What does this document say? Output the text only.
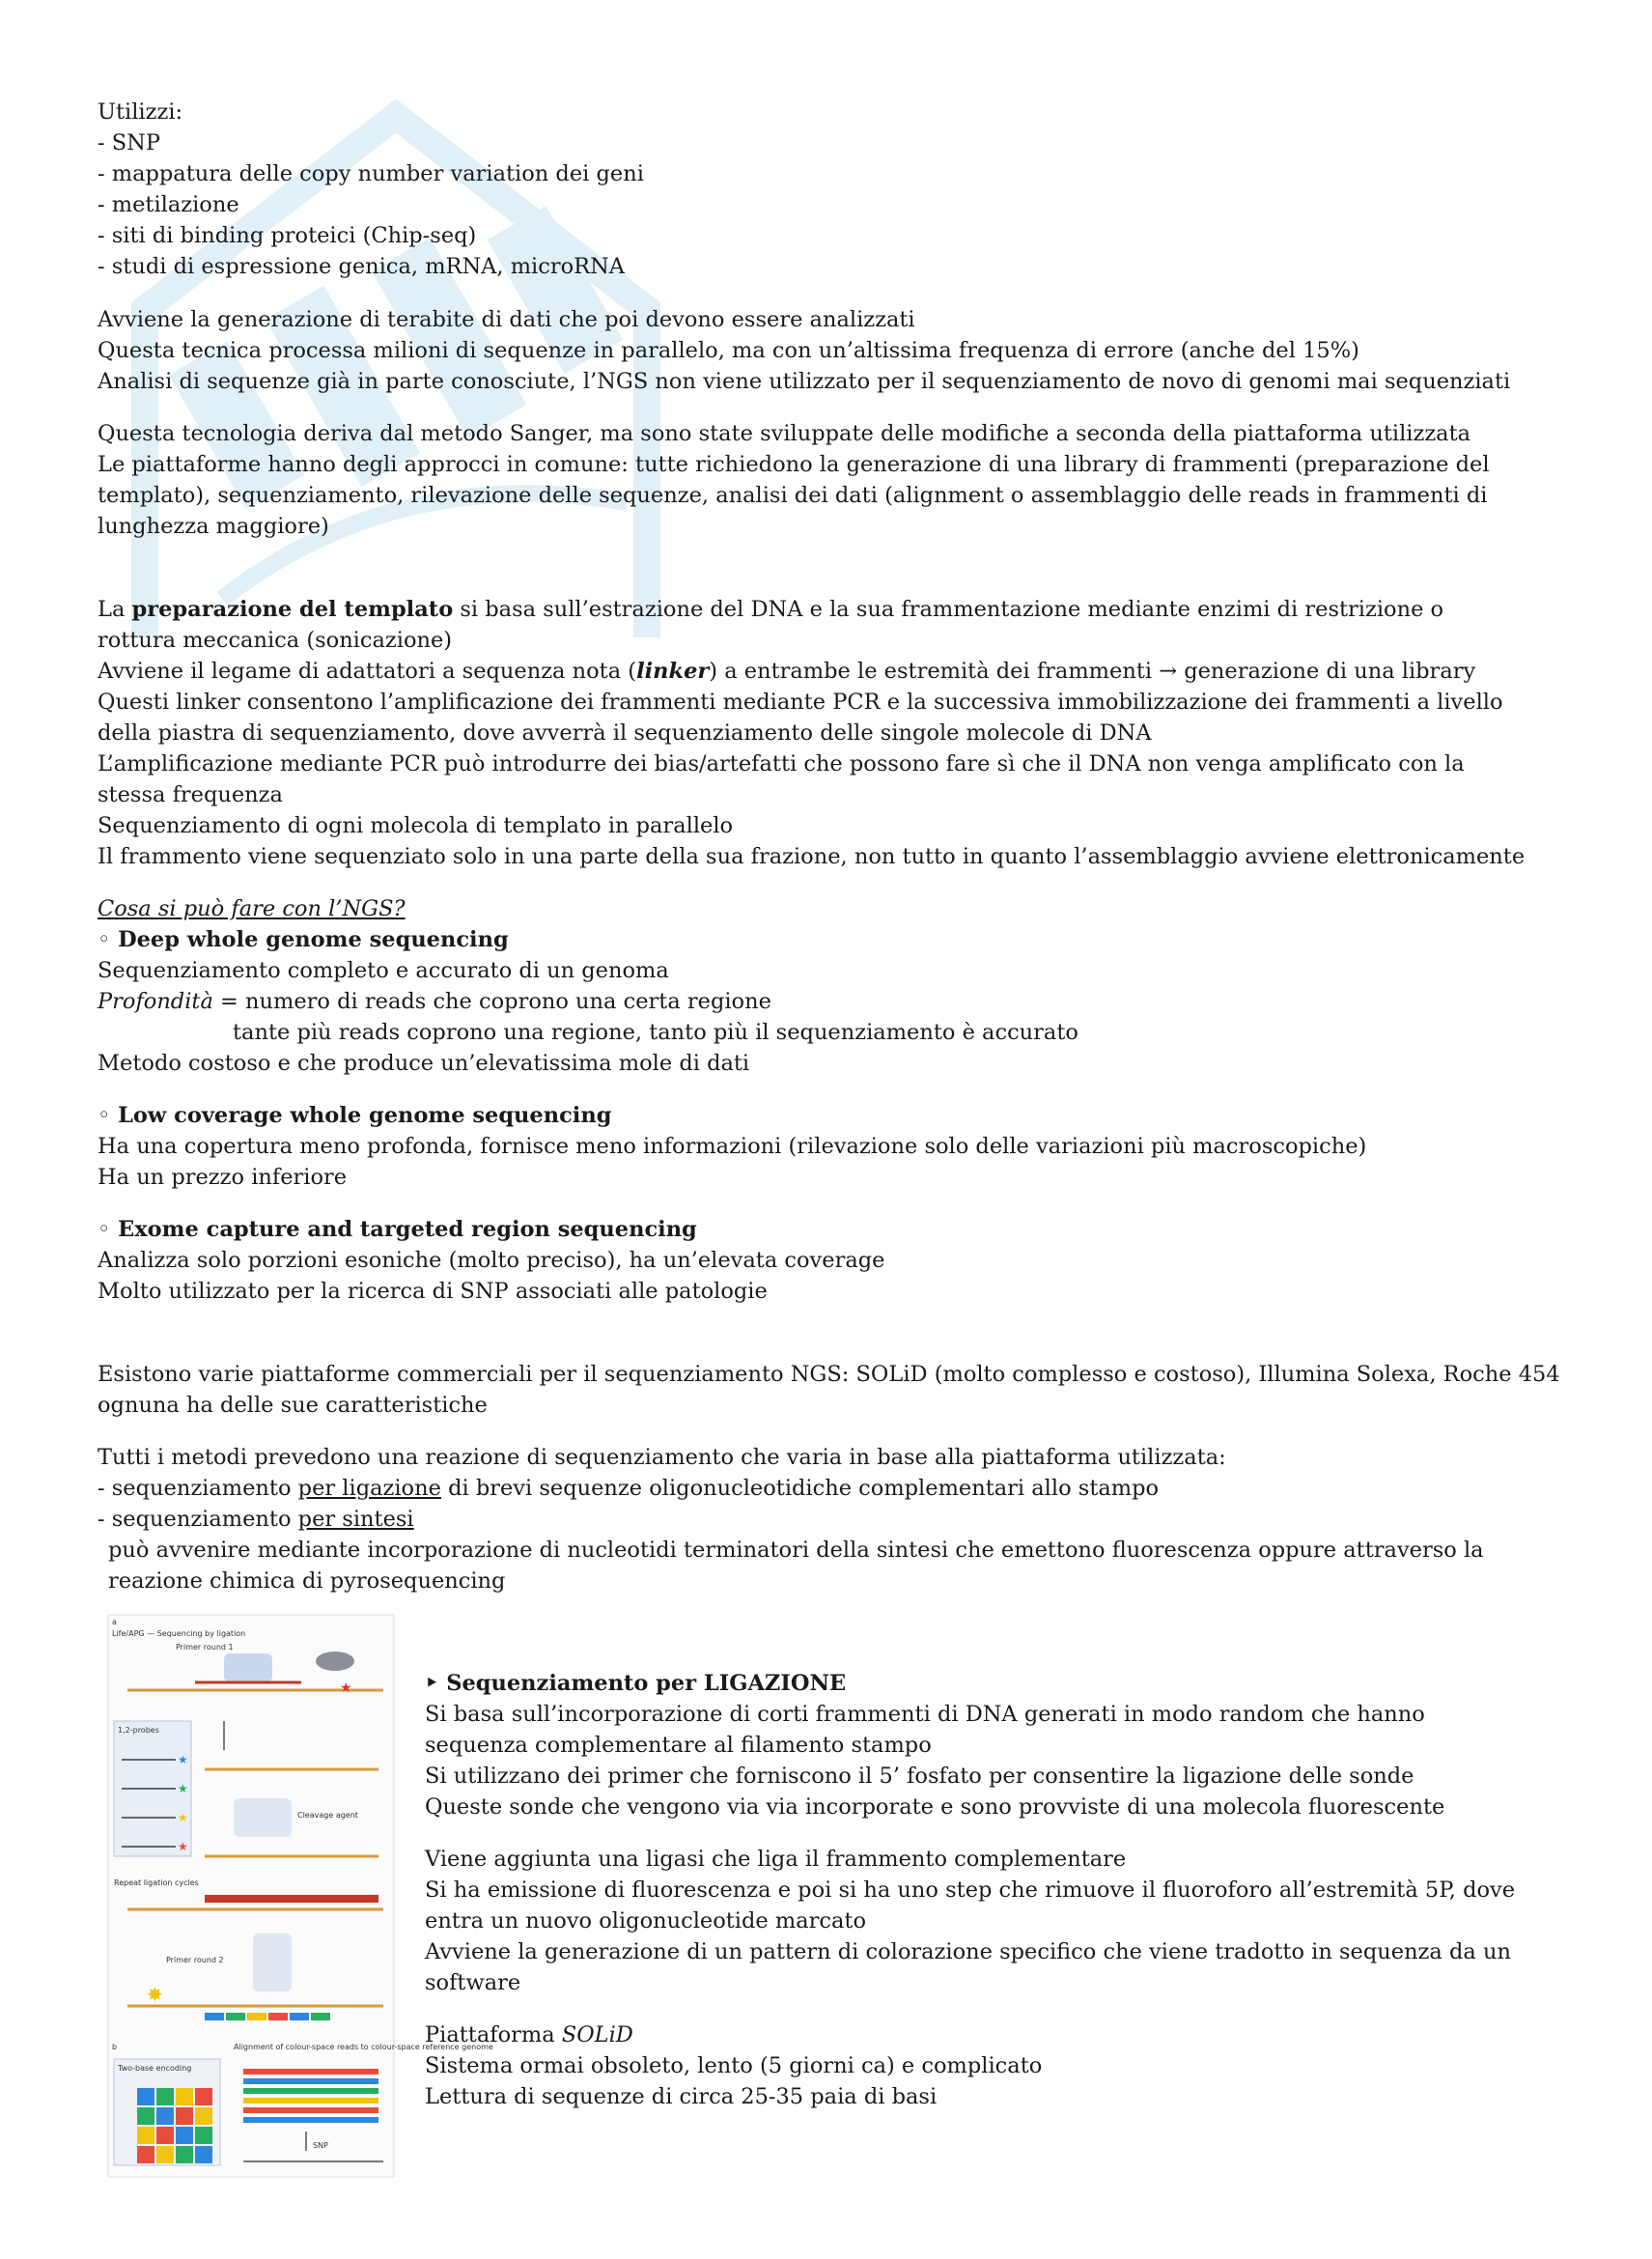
Utilizzi:
- SNP
- mappatura delle copy number variation dei geni
- metilazione
- siti di binding proteici (Chip-seq)
- studi di espressione genica, mRNA, microRNA
Avviene la generazione di terabite di dati che poi devono essere analizzati
Questa tecnica processa milioni di sequenze in parallelo, ma con un’altissima frequenza di errore (anche del 15%)
Analisi di sequenze già in parte conosciute, l’NGS non viene utilizzato per il sequenziamento de novo di genomi mai sequenziati
Questa tecnologia deriva dal metodo Sanger, ma sono state sviluppate delle modifiche a seconda della piattaforma utilizzata
Le piattaforme hanno degli approcci in comune: tutte richiedono la generazione di una library di frammenti (preparazione del templato), sequenziamento, rilevazione delle sequenze, analisi dei dati (alignment o assemblaggio delle reads in frammenti di lunghezza maggiore)
La preparazione del templato si basa sull’estrazione del DNA e la sua frammentazione mediante enzimi di restrizione o rottura meccanica (sonicazione)
Avviene il legame di adattatori a sequenza nota (linker) a entrambe le estremità dei frammenti → generazione di una library
Questi linker consentono l’amplificazione dei frammenti mediante PCR e la successiva immobilizzazione dei frammenti a livello della piastra di sequenziamento, dove avverrà il sequenziamento delle singole molecole di DNA
L’amplificazione mediante PCR può introdurre dei bias/artefatti che possono fare sì che il DNA non venga amplificato con la stessa frequenza
Sequenziamento di ogni molecola di templato in parallelo
Il frammento viene sequenziato solo in una parte della sua frazione, non tutto in quanto l’assemblaggio avviene elettronicamente
Cosa si può fare con l’NGS?
◦ Deep whole genome sequencing
Sequenziamento completo e accurato di un genoma
Profondità = numero di reads che coprono una certa regione
tante più reads coprono una regione, tanto più il sequenziamento è accurato
Metodo costoso e che produce un’elevatissima mole di dati
◦ Low coverage whole genome sequencing
Ha una copertura meno profonda, fornisce meno informazioni (rilevazione solo delle variazioni più macroscopiche)
Ha un prezzo inferiore
◦ Exome capture and targeted region sequencing
Analizza solo porzioni esoniche (molto preciso), ha un’elevata coverage
Molto utilizzato per la ricerca di SNP associati alle patologie
Esistono varie piattaforme commerciali per il sequenziamento NGS: SOLiD (molto complesso e costoso), Illumina Solexa, Roche 454
ognuna ha delle sue caratteristiche
Tutti i metodi prevedono una reazione di sequenziamento che varia in base alla piattaforma utilizzata:
- sequenziamento per ligazione di brevi sequenze oligonucleotidiche complementari allo stampo
- sequenziamento per sintesi
può avvenire mediante incorporazione di nucleotidi terminatori della sintesi che emettono fluorescenza oppure attraverso la reazione chimica di pyrosequencing
a
Life/APG — Sequencing by ligation
Primer round 1
★
1,2-probes
★
★
★
★
Cleavage agent
Repeat ligation cycles
Primer round 2
✸
b	Alignment of colour-space reads to colour-space reference genome
Two-base encoding
SNP
‣ Sequenziamento per LIGAZIONE
Si basa sull’incorporazione di corti frammenti di DNA generati in modo random che hanno sequenza complementare al filamento stampo
Si utilizzano dei primer che forniscono il 5’ fosfato per consentire la ligazione delle sonde
Queste sonde che vengono via via incorporate e sono provviste di una molecola fluorescente
Viene aggiunta una ligasi che liga il frammento complementare
Si ha emissione di fluorescenza e poi si ha uno step che rimuove il fluoroforo all’estremità 5P, dove entra un nuovo oligonucleotide marcato
Avviene la generazione di un pattern di colorazione specifico che viene tradotto in sequenza da un software
Piattaforma SOLiD
Sistema ormai obsoleto, lento (5 giorni ca) e complicato
Lettura di sequenze di circa 25-35 paia di basi
